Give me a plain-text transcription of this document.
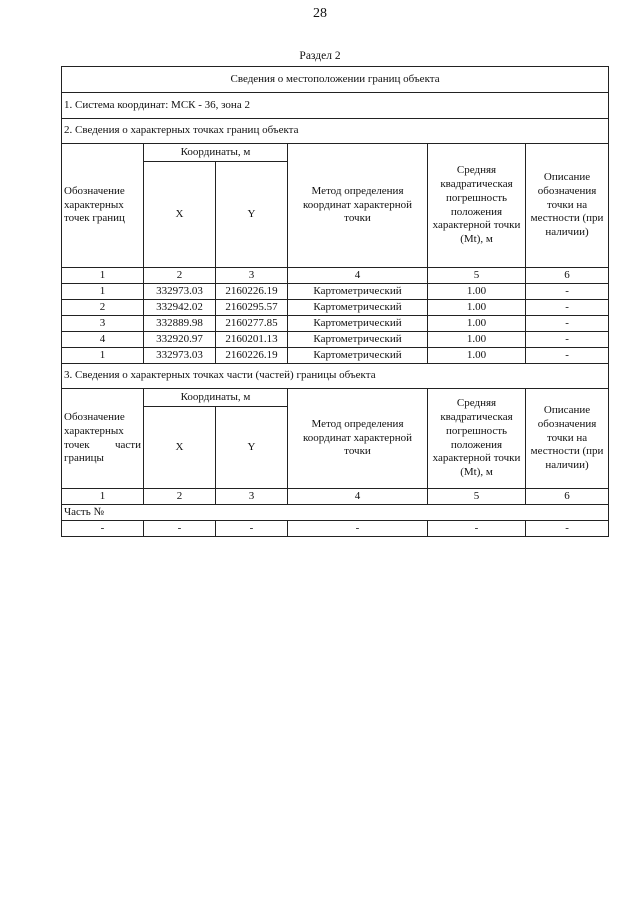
28
Раздел 2
Сведения о местоположении границ объекта					
1. Система координат: МСК - 36, зона 2					
2. Сведения о характерных точках границ объекта					
Обозначение характерных точек границ	Координаты, м		Метод определения координат характерной точки	Средняя квадратическая погрешность положения характерной точки (Mt), м	Описание обозначения точки на местности (при наличии)
	X	Y			
1	2	3	4	5	6
1	332973.03	2160226.19	Картометрический	1.00	-
2	332942.02	2160295.57	Картометрический	1.00	-
3	332889.98	2160277.85	Картометрический	1.00	-
4	332920.97	2160201.13	Картометрический	1.00	-
1	332973.03	2160226.19	Картометрический	1.00	-
3. Сведения о характерных точках части (частей) границы объекта					

Обозначение
характерных
точек части
границы	Координаты, м		Метод определения координат характерной точки	Средняя квадратическая погрешность положения характерной точки (Mt), м	Описание обозначения точки на местности (при наличии)
	X	Y			
1	2	3	4	5	6
Часть №					
-	-	-	-	-	-
